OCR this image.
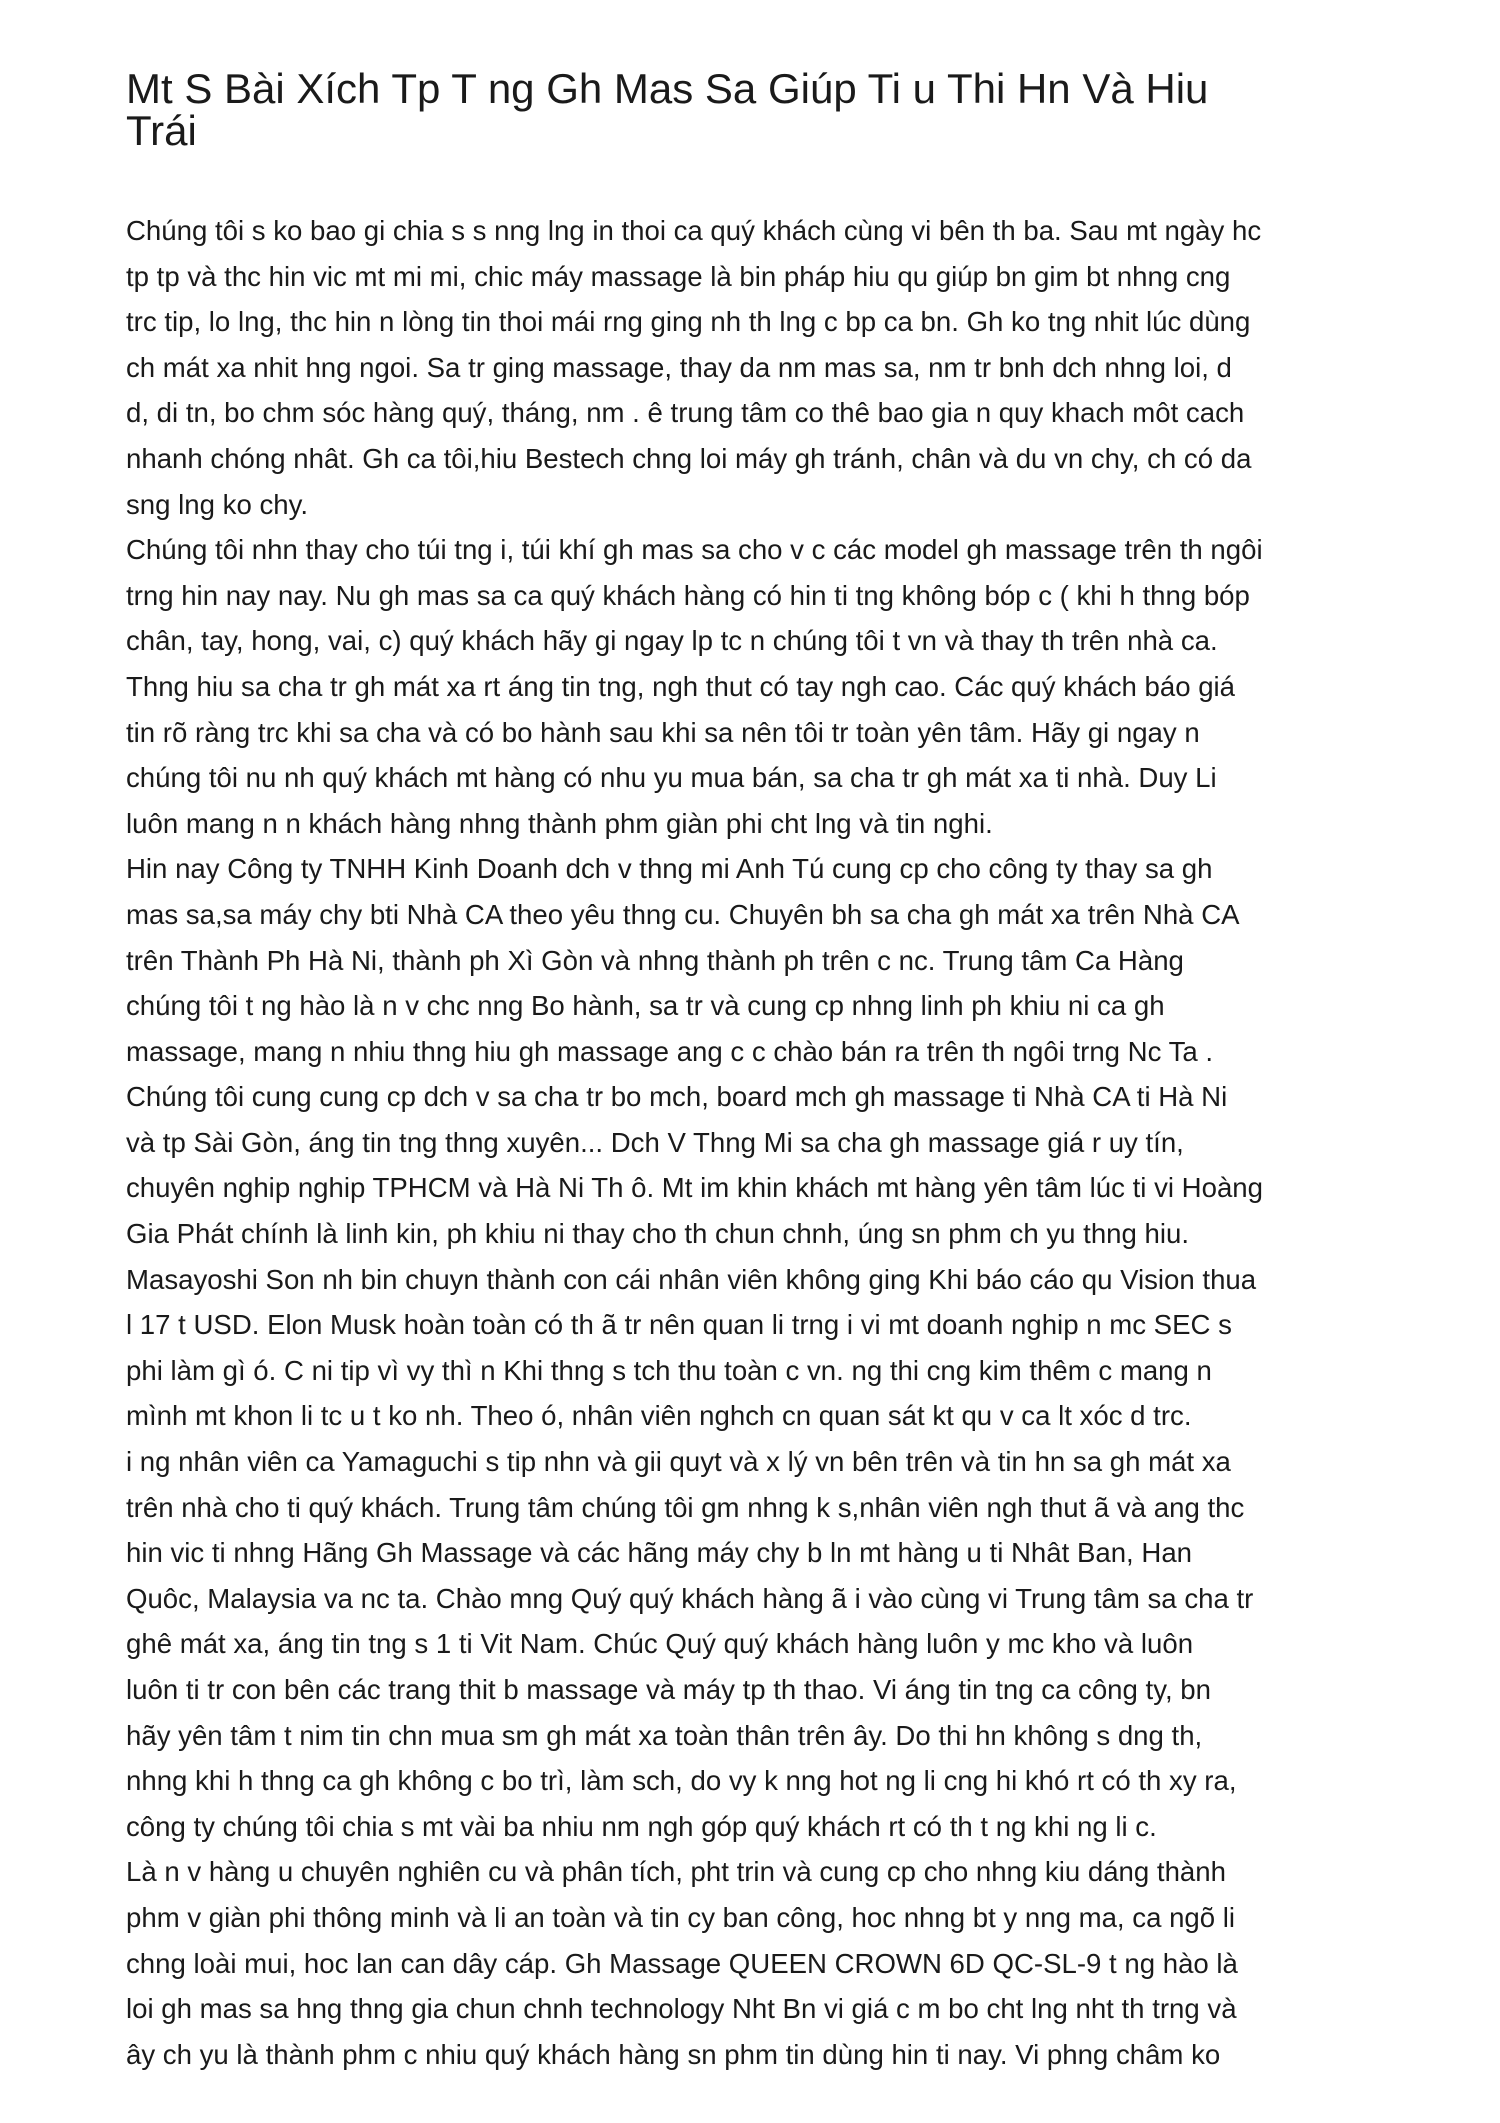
Mt S Bài Xích Tp T ng Gh Mas Sa Giúp Ti u Thi Hn Và Hiu
Trái
Chúng tôi s ko bao gi chia s s nng lng in thoi ca quý khách cùng vi bên th ba. Sau mt ngày hc
tp tp và thc hin vic mt mi mi, chic máy massage là bin pháp hiu qu giúp bn gim bt nhng cng
trc tip, lo lng, thc hin n lòng tin thoi mái rng ging nh th lng c bp ca bn. Gh ko tng nhit lúc dùng
ch mát xa nhit hng ngoi. Sa tr ging massage, thay da nm mas sa, nm tr bnh dch nhng loi, d
d, di tn, bo chm sóc hàng quý, tháng, nm . ê trung tâm co thê bao gia n quy khach môt cach
nhanh chóng nhât. Gh ca tôi,hiu Bestech chng loi máy gh tránh, chân và du vn chy, ch có da
sng lng ko chy.
Chúng tôi nhn thay cho túi tng i, túi khí gh mas sa cho v c các model gh massage trên th ngôi
trng hin nay nay. Nu gh mas sa ca quý khách hàng có hin ti tng không bóp c ( khi h thng bóp
chân, tay, hong, vai, c) quý khách hãy gi ngay lp tc n chúng tôi t vn và thay th trên nhà ca.
Thng hiu sa cha tr gh mát xa rt áng tin tng, ngh thut có tay ngh cao. Các quý khách báo giá
tin rõ ràng trc khi sa cha và có bo hành sau khi sa nên tôi tr toàn yên tâm. Hãy gi ngay n
chúng tôi nu nh quý khách mt hàng có nhu yu mua bán, sa cha tr gh mát xa ti nhà. Duy Li
luôn mang n n khách hàng nhng thành phm giàn phi cht lng và tin nghi.
Hin nay Công ty TNHH Kinh Doanh dch v thng mi Anh Tú cung cp cho công ty thay sa gh
mas sa,sa máy chy bti Nhà CA theo yêu thng cu. Chuyên bh sa cha gh mát xa trên Nhà CA
trên Thành Ph Hà Ni, thành ph Xì Gòn và nhng thành ph trên c nc. Trung tâm Ca Hàng
chúng tôi t ng hào là n v chc nng Bo hành, sa tr và cung cp nhng linh ph khiu ni ca gh
massage, mang n nhiu thng hiu gh massage ang c c chào bán ra trên th ngôi trng Nc Ta .
Chúng tôi cung cung cp dch v sa cha tr bo mch, board mch gh massage ti Nhà CA ti Hà Ni
và tp Sài Gòn, áng tin tng thng xuyên... Dch V Thng Mi sa cha gh massage giá r uy tín,
chuyên nghip nghip TPHCM và Hà Ni Th ô. Mt im khin khách mt hàng yên tâm lúc ti vi Hoàng
Gia Phát chính là linh kin, ph khiu ni thay cho th chun chnh, úng sn phm ch yu thng hiu.
Masayoshi Son nh bin chuyn thành con cái nhân viên không ging Khi báo cáo qu Vision thua
l 17 t USD. Elon Musk hoàn toàn có th ã tr nên quan li trng i vi mt doanh nghip n mc SEC s
phi làm gì ó. C ni tip vì vy thì n Khi thng s tch thu toàn c vn. ng thi cng kim thêm c mang n
mình mt khon li tc u t ko nh. Theo ó, nhân viên nghch cn quan sát kt qu v ca lt xóc d trc.
i ng nhân viên ca Yamaguchi s tip nhn và gii quyt và x lý vn bên trên và tin hn sa gh mát xa
trên nhà cho ti quý khách. Trung tâm chúng tôi gm nhng k s,nhân viên ngh thut ã và ang thc
hin vic ti nhng Hãng Gh Massage và các hãng máy chy b ln mt hàng u ti Nhât Ban, Han
Quôc, Malaysia va nc ta. Chào mng Quý quý khách hàng ã i vào cùng vi Trung tâm sa cha tr
ghê mát xa, áng tin tng s 1 ti Vit Nam. Chúc Quý quý khách hàng luôn y mc kho và luôn
luôn ti tr con bên các trang thit b massage và máy tp th thao. Vi áng tin tng ca công ty, bn
hãy yên tâm t nim tin chn mua sm gh mát xa toàn thân trên ây. Do thi hn không s dng th,
nhng khi h thng ca gh không c bo trì, làm sch, do vy k nng hot ng li cng hi khó rt có th xy ra,
công ty chúng tôi chia s mt vài ba nhiu nm ngh góp quý khách rt có th t ng khi ng li c.
Là n v hàng u chuyên nghiên cu và phân tích, pht trin và cung cp cho nhng kiu dáng thành
phm v giàn phi thông minh và li an toàn và tin cy ban công, hoc nhng bt y nng ma, ca ngõ li
chng loài mui, hoc lan can dây cáp. Gh Massage QUEEN CROWN 6D QC-SL-9 t ng hào là
loi gh mas sa hng thng gia chun chnh technology Nht Bn vi giá c m bo cht lng nht th trng và
ây ch yu là thành phm c nhiu quý khách hàng sn phm tin dùng hin ti nay. Vi phng châm ko
